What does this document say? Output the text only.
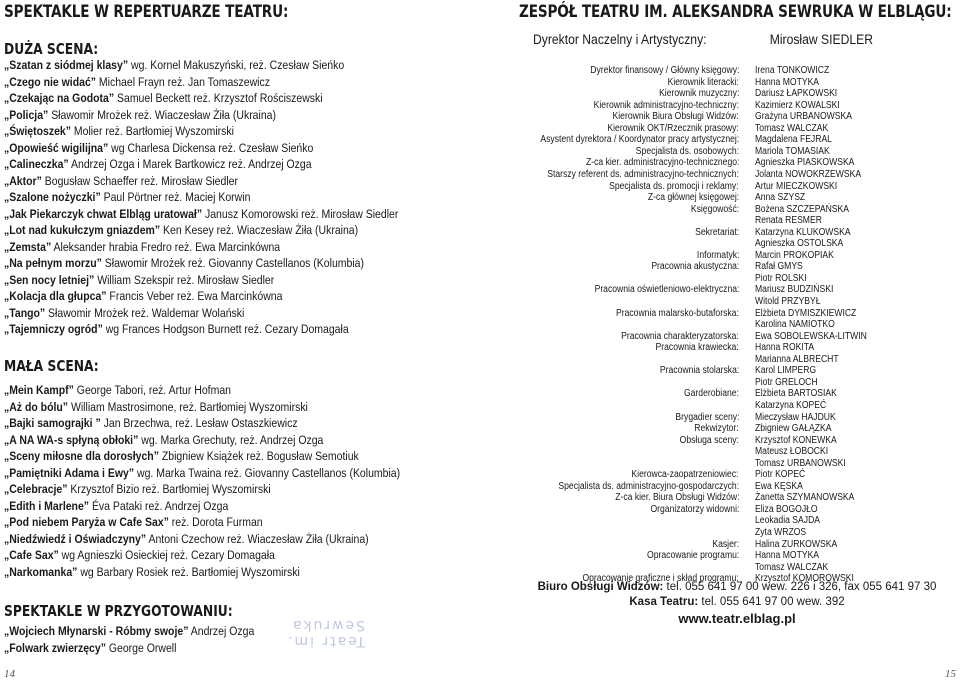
SPEKTAKLE W REPERTUARZE TEATRU:
DUŻA SCENA:
„Szatan z siódmej klasy” wg. Kornel Makuszyński, reż. Czesław Sieńko
„Czego nie widać” Michael Frayn reż. Jan Tomaszewicz
„Czekając na Godota” Samuel Beckett reż. Krzysztof Rościszewski
„Policja” Sławomir Mrożek reż. Wiaczesław Żiła (Ukraina)
„Świętoszek” Molier reż. Bartłomiej Wyszomirski
„Opowieść wigilijna” wg Charlesa Dickensa reż. Czesław Sieńko
„Calineczka” Andrzej Ozga i Marek Bartkowicz reż. Andrzej Ozga
„Aktor” Bogusław Schaeffer reż. Mirosław Siedler
„Szalone nożyczki” Paul Pörtner reż. Maciej Korwin
„Jak Piekarczyk chwat Elbląg uratował” Janusz Komorowski reż. Mirosław Siedler
„Lot nad kukułczym gniazdem” Ken Kesey reż. Wiaczesław Żiła (Ukraina)
„Zemsta” Aleksander hrabia Fredro reż. Ewa Marcinkówna
„Na pełnym morzu” Sławomir Mrożek reż. Giovanny Castellanos (Kolumbia)
„Sen nocy letniej” William Szekspir reż. Mirosław Siedler
„Kolacja dla głupca” Francis Veber reż. Ewa Marcinkówna
„Tango” Sławomir Mrożek reż. Waldemar Wolański
„Tajemniczy ogród” wg Frances Hodgson Burnett reż. Cezary Domagała
MAŁA SCENA:
„Mein Kampf” George Tabori, reż. Artur Hofman
„Aż do bólu” William Mastrosimone, reż. Bartłomiej Wyszomirski
„Bajki samograjki ” Jan Brzechwa, reż. Lesław Ostaszkiewicz
„A NA WA-s spłyną obłoki” wg. Marka Grechuty, reż. Andrzej Ozga
„Sceny miłosne dla dorosłych” Zbigniew Książek reż. Bogusław Semotiuk
„Pamiętniki Adama i Ewy” wg. Marka Twaina reż. Giovanny Castellanos (Kolumbia)
„Celebracje” Krzysztof Bizio reż. Bartłomiej Wyszomirski
„Edith i Marlene” Éva Pataki reż. Andrzej Ozga
„Pod niebem Paryża w Cafe Sax” reż. Dorota Furman
„Niedźwiedź i Oświadczyny” Antoni Czechow reż. Wiaczesław Żiła (Ukraina)
„Cafe Sax” wg Agnieszki Osieckiej reż. Cezary Domagała
„Narkomanka” wg Barbary Rosiek reż. Bartłomiej Wyszomirski
SPEKTAKLE W PRZYGOTOWANIU:
„Wojciech Młynarski - Róbmy swoje” Andrzej Ozga
„Folwark zwierzęcy” George Orwell
ZESPÓŁ TEATRU IM. ALEKSANDRA SEWRUKA W ELBLĄGU:
Dyrektor Naczelny i Artystyczny:	Mirosław SIEDLER
Dyrektor finansowy / Główny księgowy: Irena TONKOWICZ
Kierownik literacki: Hanna MOTYKA
Kierownik muzyczny: Dariusz ŁAPKOWSKI
Kierownik administracyjno-techniczny: Kazimierz KOWALSKI
Kierownik Biura Obsługi Widzów: Grażyna URBANOWSKA
Kierownik OKT/Rzecznik prasowy: Tomasz WALCZAK
Asystent dyrektora / Koordynator pracy artystycznej: Magdalena FEJRAL
Specjalista ds. osobowych: Mariola TOMASIAK
Z-ca kier. administracyjno-technicznego: Agnieszka PIASKOWSKA
Starszy referent ds. administracyjno-technicznych: Jolanta NOWOKRZEWSKA
Specjalista ds. promocji i reklamy: Artur MIECZKOWSKI
Z-ca głównej księgowej: Anna SZYSZ
Księgowość: Bożena SZCZEPAŃSKA
Renata RESMER
Sekretariat: Katarzyna KLUKOWSKA
Agnieszka OSTOLSKA
Informatyk: Marcin PROKOPIAK
Pracownia akustyczna: Rafał GMYS
Piotr ROLSKI
Pracownia oświetleniowo-elektryczna: Mariusz BUDZIŃSKI
Witold PRZYBYŁ
Pracownia malarsko-butaforska: Elżbieta DYMISZKIEWICZ
Karolina NAMIOTKO
Pracownia charakteryzatorska: Ewa SOBOLEWSKA-LITWIN
Pracownia krawiecka: Hanna ROKITA
Marianna ALBRECHT
Pracownia stolarska: Karol LIMPERG
Piotr GRELOCH
Garderobiane: Elżbieta BARTOSIAK
Katarzyna KOPEĆ
Brygadier sceny: Mieczysław HAJDUK
Rekwizytor: Zbigniew GAŁĄZKA
Obsługa sceny: Krzysztof KONEWKA
Mateusz ŁOBOCKI
Tomasz URBANOWSKI
Kierowca-zaopatrzeniowiec: Piotr KOPEĆ
Specjalista ds. administracyjno-gospodarczych: Ewa KĘSKA
Z-ca kier. Biura Obsługi Widzów: Żanetta SZYMANOWSKA
Organizatorzy widowni: Eliza BOGOJŁO
Leokadia SAJDA
Zyta WRZOS
Kasjer: Halina ZURKOWSKA
Opracowanie programu: Hanna MOTYKA
Tomasz WALCZAK
Opracowanie graficzne i skład programu: Krzysztof KOMOROWSKI
Biuro Obsługi Widzów: tel. 055 641 97 00 wew. 226 i 326, fax 055 641 97 30
Kasa Teatru: tel. 055 641 97 00 wew. 392
www.teatr.elblag.pl
Teatr im.
Sewruka
14	15
